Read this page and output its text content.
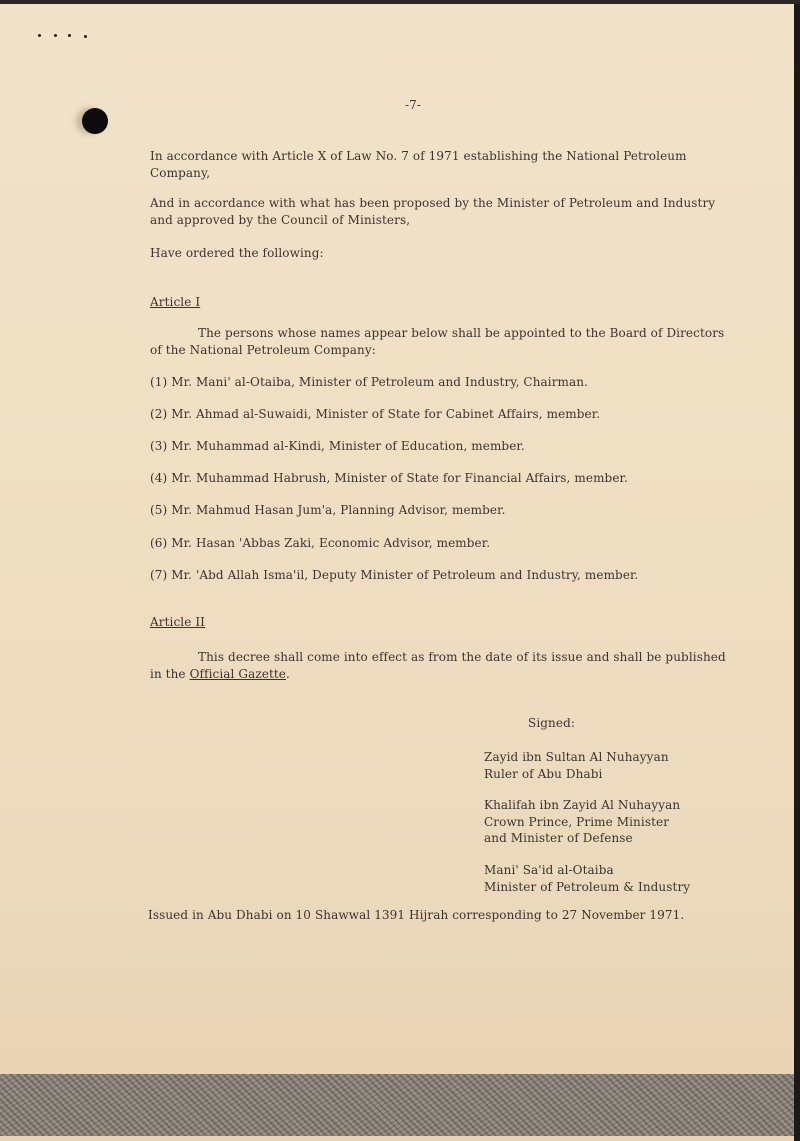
-7-
In accordance with Article X of Law No. 7 of 1971 establishing the National Petroleum Company,
And in accordance with what has been proposed by the Minister of Petroleum and Industry and approved by the Council of Ministers,
Have ordered the following:
Article I
The persons whose names appear below shall be appointed to the Board of Directors of the National Petroleum Company:
(1) Mr. Mani' al-Otaiba, Minister of Petroleum and Industry, Chairman.
(2) Mr. Ahmad al-Suwaidi, Minister of State for Cabinet Affairs, member.
(3) Mr. Muhammad al-Kindi, Minister of Education, member.
(4) Mr. Muhammad Habrush, Minister of State for Financial Affairs, member.
(5) Mr. Mahmud Hasan Jum'a, Planning Advisor, member.
(6) Mr. Hasan 'Abbas Zaki, Economic Advisor, member.
(7) Mr. 'Abd Allah Isma'il, Deputy Minister of Petroleum and Industry, member.
Article II
This decree shall come into effect as from the date of its issue and shall be published in the Official Gazette.
Signed:
Zayid ibn Sultan Al Nuhayyan
Ruler of Abu Dhabi
Khalifah ibn Zayid Al Nuhayyan
Crown Prince, Prime Minister
and Minister of Defense
Mani' Sa'id al-Otaiba
Minister of Petroleum & Industry
Issued in Abu Dhabi on 10 Shawwal 1391 Hijrah corresponding to 27 November 1971.
